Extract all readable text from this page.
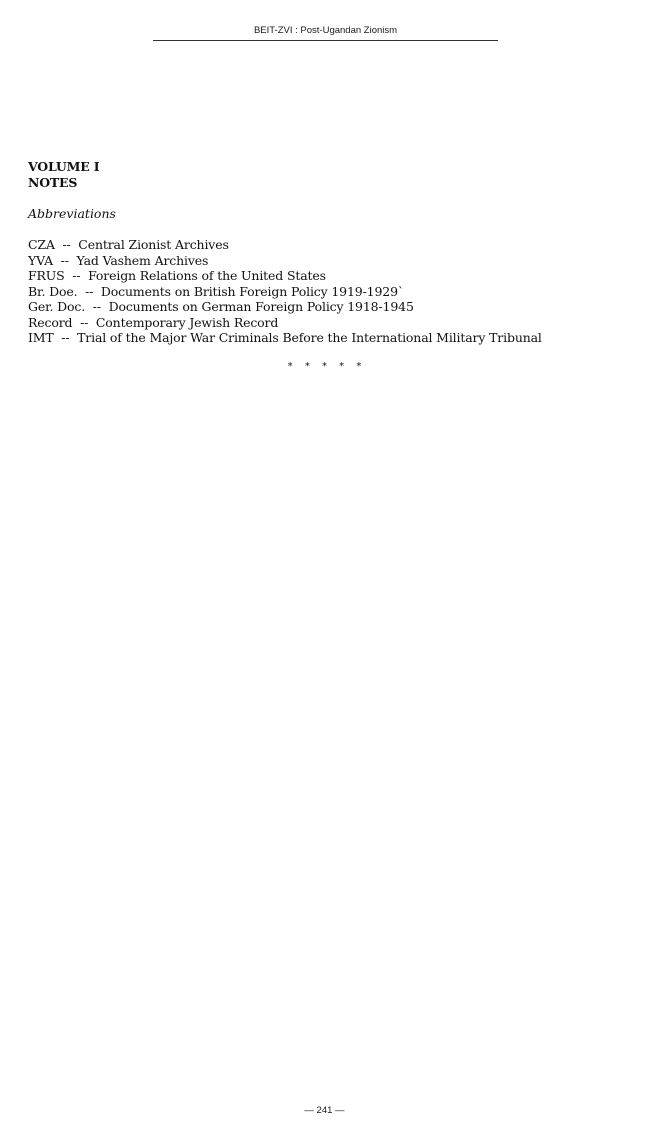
BEIT-ZVI : Post-Ugandan Zionism
VOLUME I
NOTES
Abbreviations
CZA -- Central Zionist Archives
YVA -- Yad Vashem Archives
FRUS -- Foreign Relations of the United States
Br. Doe. -- Documents on British Foreign Policy 1919-1929`
Ger. Doc. -- Documents on German Foreign Policy 1918-1945
Record -- Contemporary Jewish Record
IMT -- Trial of the Major War Criminals Before the International Military Tribunal
* * * * *
— 241 —
